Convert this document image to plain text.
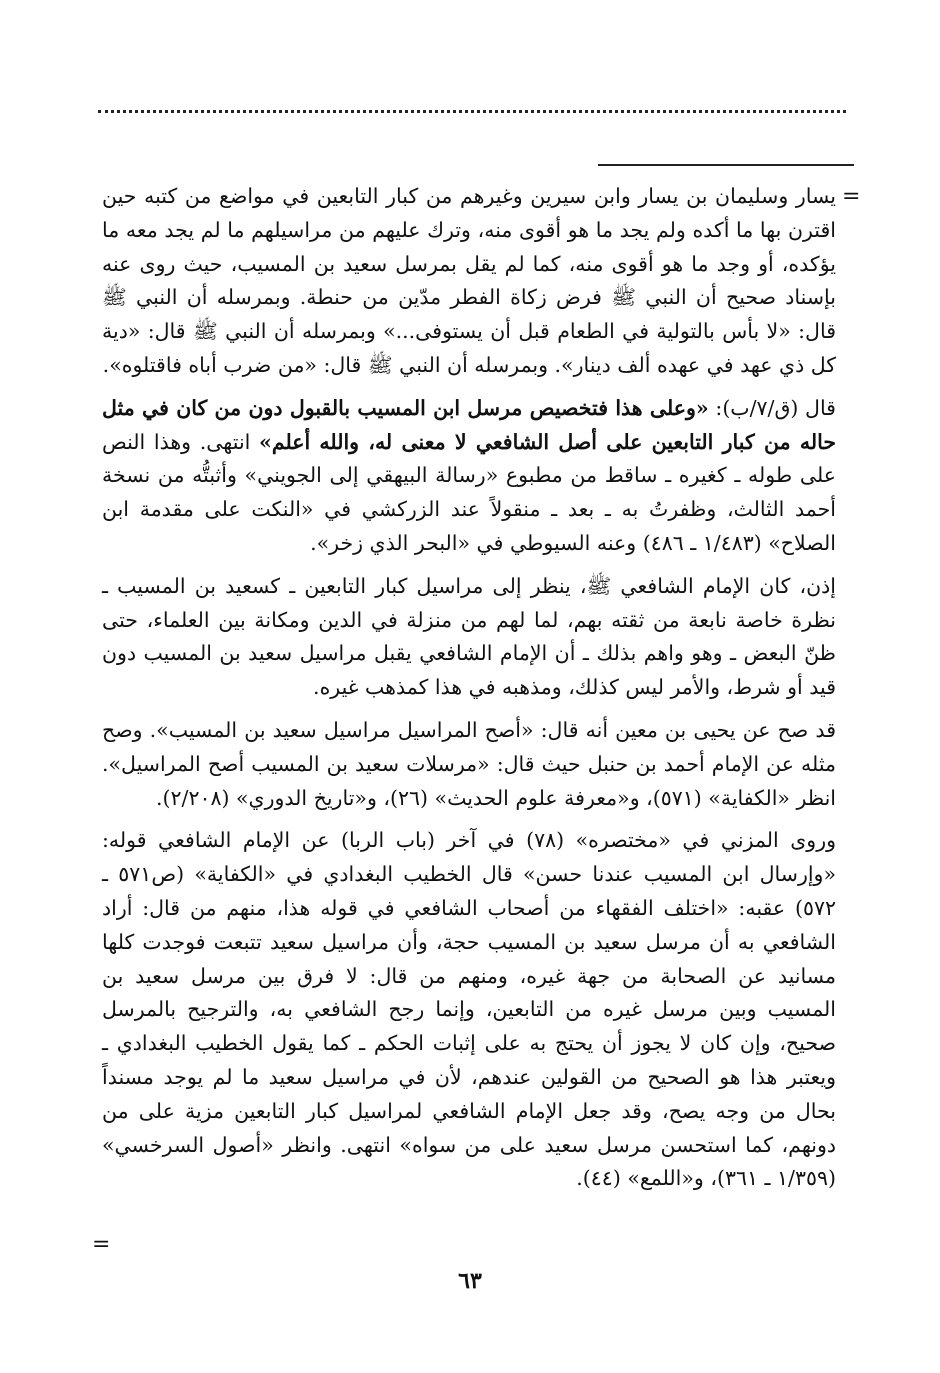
=

يسار وسليمان بن يسار وابن سيرين وغيرهم من كبار التابعين في مواضع من كتبه حين اقترن بها ما أكده ولم يجد ما هو أقوى منه، وترك عليهم من مراسيلهم ما لم يجد معه ما يؤكده، أو وجد ما هو أقوى منه، كما لم يقل بمرسل سعيد بن المسيب، حيث روى عنه بإسناد صحيح أن النبي ﷺ فرض زكاة الفطر مدّين من حنطة. وبمرسله أن النبي ﷺ قال: «لا بأس بالتولية في الطعام قبل أن يستوفى...» وبمرسله أن النبي ﷺ قال: «دية كل ذي عهد في عهده ألف دينار». وبمرسله أن النبي ﷺ قال: «من ضرب أباه فاقتلوه».

قال (ق/٧/ب): «وعلى هذا فتخصيص مرسل ابن المسيب بالقبول دون من كان في مثل حاله من كبار التابعين على أصل الشافعي لا معنى له، والله أعلم» انتهى. وهذا النص على طوله ـ كغيره ـ ساقط من مطبوع «رسالة البيهقي إلى الجويني» وأثبتُّه من نسخة أحمد الثالث، وظفرتُ به ـ بعد ـ منقولاً عند الزركشي في «النكت على مقدمة ابن الصلاح» (١/٤٨٣ ـ ٤٨٦) وعنه السيوطي في «البحر الذي زخر».

إذن، كان الإمام الشافعي ﷺ، ينظر إلى مراسيل كبار التابعين ـ كسعيد بن المسيب ـ نظرة خاصة نابعة من ثقته بهم، لما لهم من منزلة في الدين ومكانة بين العلماء، حتى ظنّ البعض ـ وهو واهم بذلك ـ أن الإمام الشافعي يقبل مراسيل سعيد بن المسيب دون قيد أو شرط، والأمر ليس كذلك، ومذهبه في هذا كمذهب غيره.

قد صح عن يحيى بن معين أنه قال: «أصح المراسيل مراسيل سعيد بن المسيب». وصح مثله عن الإمام أحمد بن حنبل حيث قال: «مرسلات سعيد بن المسيب أصح المراسيل». انظر «الكفاية» (٥٧١)، و«معرفة علوم الحديث» (٢٦)، و«تاريخ الدوري» (٢/٢٠٨).

وروى المزني في «مختصره» (٧٨) في آخر (باب الربا) عن الإمام الشافعي قوله: «وإرسال ابن المسيب عندنا حسن» قال الخطيب البغدادي في «الكفاية» (ص٥٧١ ـ ٥٧٢) عقبه: «اختلف الفقهاء من أصحاب الشافعي في قوله هذا، منهم من قال: أراد الشافعي به أن مرسل سعيد بن المسيب حجة، وأن مراسيل سعيد تتبعت فوجدت كلها مسانيد عن الصحابة من جهة غيره، ومنهم من قال: لا فرق بين مرسل سعيد بن المسيب وبين مرسل غيره من التابعين، وإنما رجح الشافعي به، والترجيح بالمرسل صحيح، وإن كان لا يجوز أن يحتج به على إثبات الحكم ـ كما يقول الخطيب البغدادي ـ ويعتبر هذا هو الصحيح من القولين عندهم، لأن في مراسيل سعيد ما لم يوجد مسنداً بحال من وجه يصح، وقد جعل الإمام الشافعي لمراسيل كبار التابعين مزية على من دونهم، كما استحسن مرسل سعيد على من سواه» انتهى. وانظر «أصول السرخسي» (١/٣٥٩ ـ ٣٦١)، و«اللمع» (٤٤).

=
٦٣
